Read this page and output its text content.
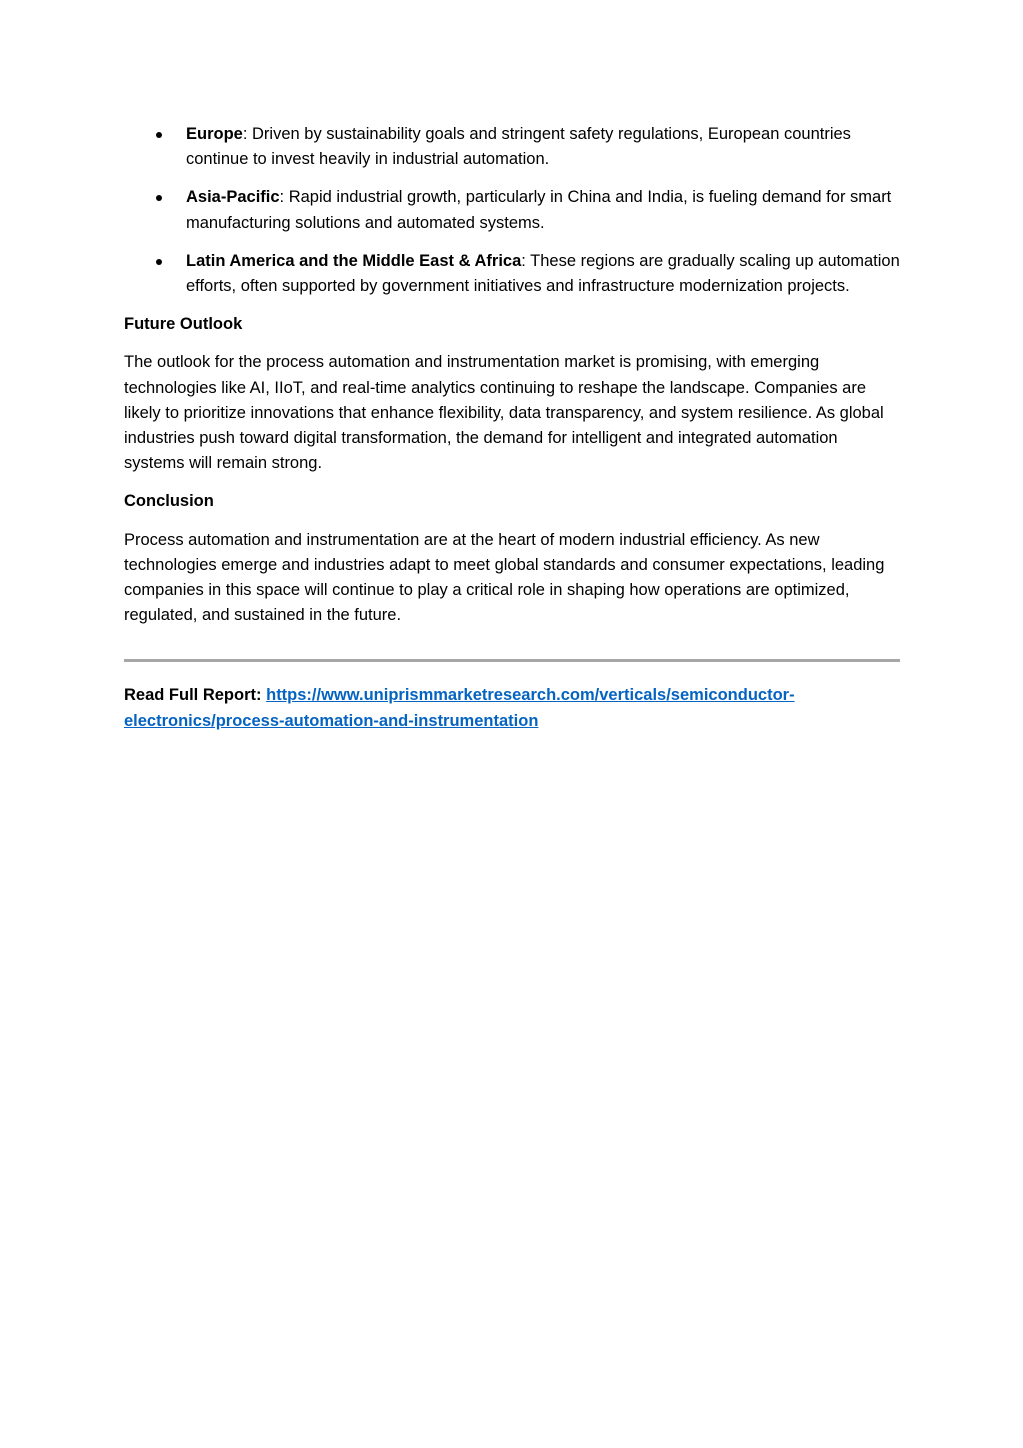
Europe: Driven by sustainability goals and stringent safety regulations, European countries continue to invest heavily in industrial automation.
Asia-Pacific: Rapid industrial growth, particularly in China and India, is fueling demand for smart manufacturing solutions and automated systems.
Latin America and the Middle East & Africa: These regions are gradually scaling up automation efforts, often supported by government initiatives and infrastructure modernization projects.
Future Outlook

The outlook for the process automation and instrumentation market is promising, with emerging technologies like AI, IIoT, and real-time analytics continuing to reshape the landscape. Companies are likely to prioritize innovations that enhance flexibility, data transparency, and system resilience. As global industries push toward digital transformation, the demand for intelligent and integrated automation systems will remain strong.

Conclusion

Process automation and instrumentation are at the heart of modern industrial efficiency. As new technologies emerge and industries adapt to meet global standards and consumer expectations, leading companies in this space will continue to play a critical role in shaping how operations are optimized, regulated, and sustained in the future.

Read Full Report: https://www.uniprismmarketresearch.com/verticals/semiconductor-electronics/process-automation-and-instrumentation
